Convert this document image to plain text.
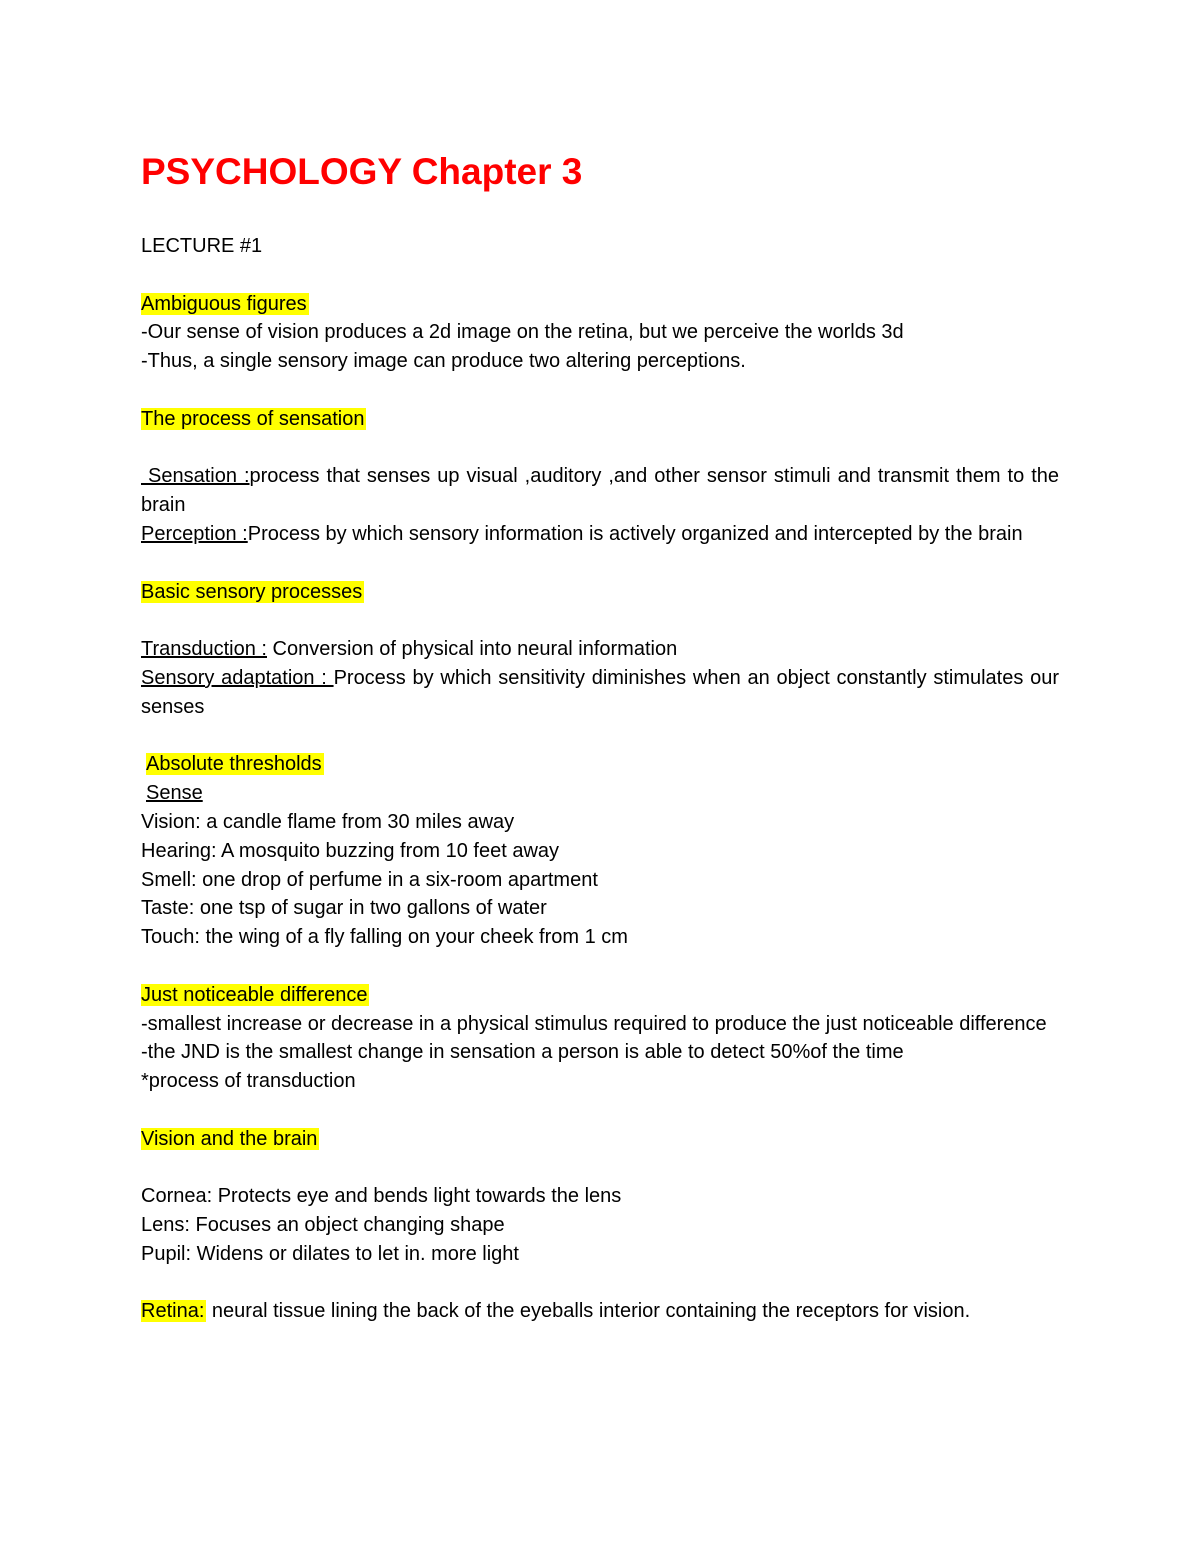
PSYCHOLOGY Chapter 3
LECTURE #1
Ambiguous figures
-Our sense of vision produces a 2d image on the retina, but we perceive the worlds 3d
-Thus, a single sensory image can produce two altering perceptions.
The process of sensation
Sensation :process that senses up visual ,auditory ,and other sensor stimuli and transmit them to the brain
Perception :Process by which sensory information is actively organized and intercepted by the brain
Basic sensory processes
Transduction : Conversion of physical into neural information
Sensory adaptation : Process by which sensitivity diminishes when an object constantly stimulates our senses
Absolute thresholds
Sense
Vision: a candle flame from 30 miles away
Hearing: A mosquito buzzing from 10 feet away
Smell: one drop of perfume in a six-room apartment
Taste: one tsp of sugar in two gallons of water
Touch: the wing of a fly falling on your cheek from 1 cm
Just noticeable difference
-smallest increase or decrease in a physical stimulus required to produce the just noticeable difference
-the JND is the smallest change in sensation a person is able to detect 50%of the time
*process of transduction
Vision and the brain
Cornea: Protects eye and bends light towards the lens
Lens: Focuses an object changing shape
Pupil: Widens or dilates to let in. more light
Retina: neural tissue lining the back of the eyeballs interior containing the receptors for vision.
